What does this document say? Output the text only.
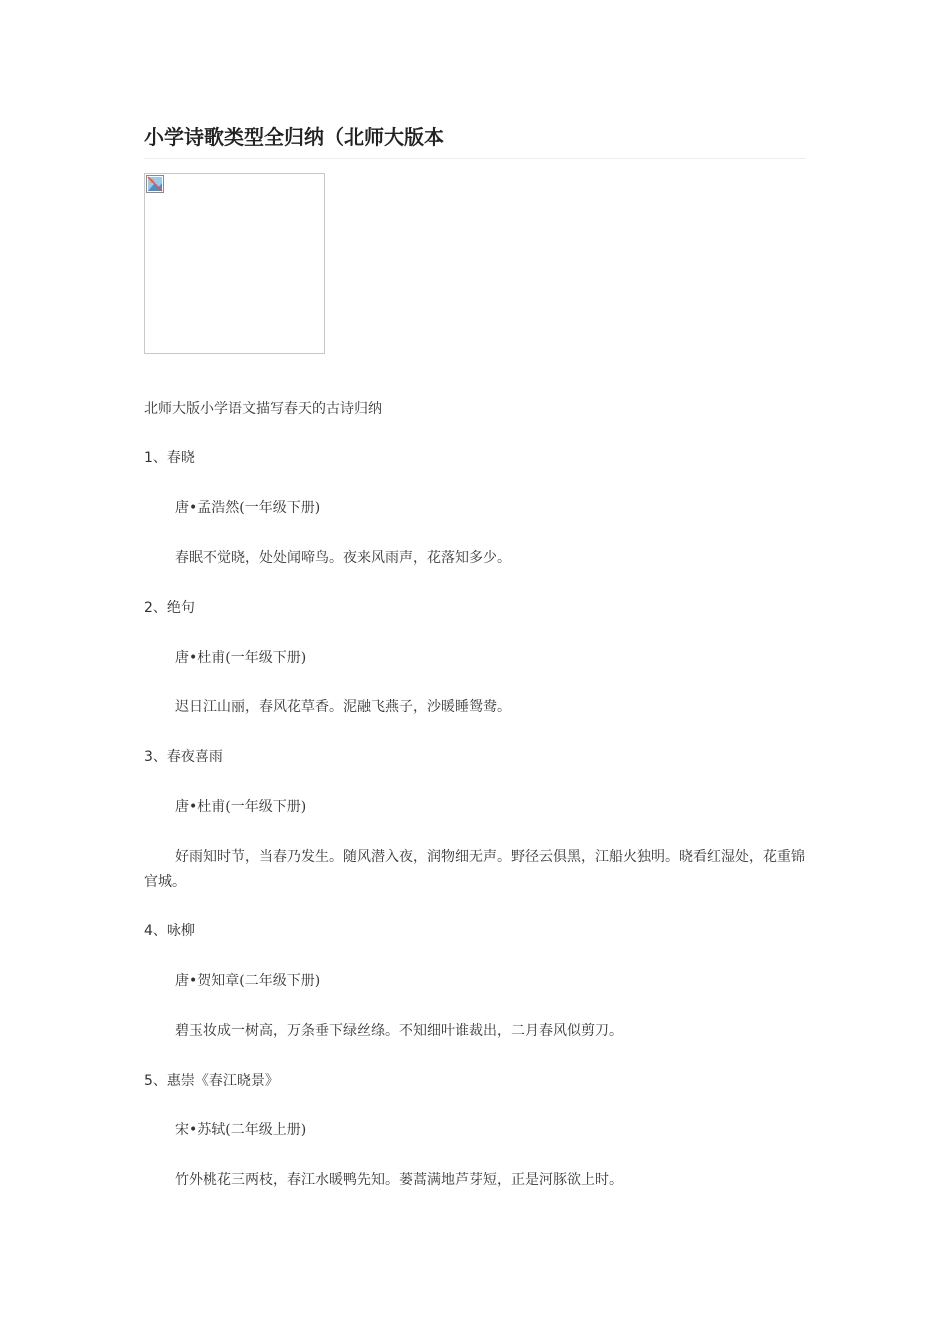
小学诗歌类型全归纳（北师大版本
北师大版小学语文描写春天的古诗归纳
1、春晓
唐•孟浩然(一年级下册)
春眠不觉晓，处处闻啼鸟。夜来风雨声，花落知多少。
2、绝句
唐•杜甫(一年级下册)
迟日江山丽，春风花草香。泥融飞燕子，沙暖睡鸳鸯。
3、春夜喜雨
唐•杜甫(一年级下册)
好雨知时节，当春乃发生。随风潜入夜，润物细无声。野径云俱黑，江船火独明。晓看红湿处，花重锦官城。
4、咏柳
唐•贺知章(二年级下册)
碧玉妆成一树高，万条垂下绿丝绦。不知细叶谁裁出，二月春风似剪刀。
5、惠崇《春江晓景》
宋•苏轼(二年级上册)
竹外桃花三两枝，春江水暖鸭先知。蒌蒿满地芦芽短，正是河豚欲上时。
